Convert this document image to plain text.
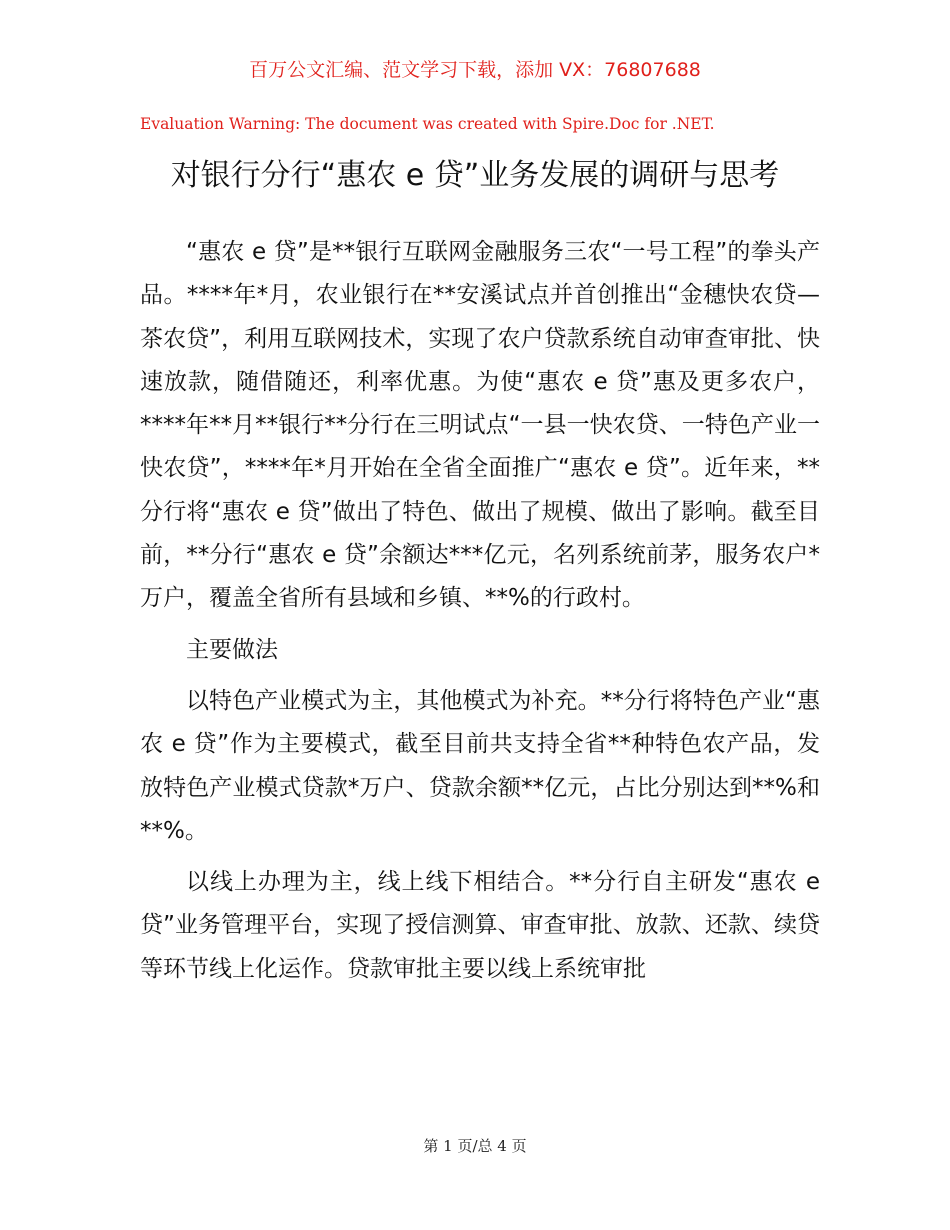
百万公文汇编、范文学习下载，添加 VX：76807688
Evaluation Warning: The document was created with Spire.Doc for .NET.
对银行分行“惠农 e 贷”业务发展的调研与思考

“惠农 e 贷”是**银行互联网金融服务三农“一号工程”的拳头产品。****年*月，农业银行在**安溪试点并首创推出“金穗快农贷—茶农贷”，利用互联网技术，实现了农户贷款系统自动审查审批、快速放款，随借随还，利率优惠。为使“惠农 e 贷”惠及更多农户，****年**月**银行**分行在三明试点“一县一快农贷、一特色产业一快农贷”，****年*月开始在全省全面推广“惠农 e 贷”。近年来，**分行将“惠农 e 贷”做出了特色、做出了规模、做出了影响。截至目前，**分行“惠农 e 贷”余额达***亿元，名列系统前茅，服务农户*万户，覆盖全省所有县域和乡镇、**%的行政村。

主要做法

以特色产业模式为主，其他模式为补充。**分行将特色产业“惠农 e 贷”作为主要模式，截至目前共支持全省**种特色农产品，发放特色产业模式贷款*万户、贷款余额**亿元，占比分别达到**%和**%。

以线上办理为主，线上线下相结合。**分行自主研发“惠农 e 贷”业务管理平台，实现了授信测算、审查审批、放款、还款、续贷等环节线上化运作。贷款审批主要以线上系统审批

第 1 页/总 4 页
